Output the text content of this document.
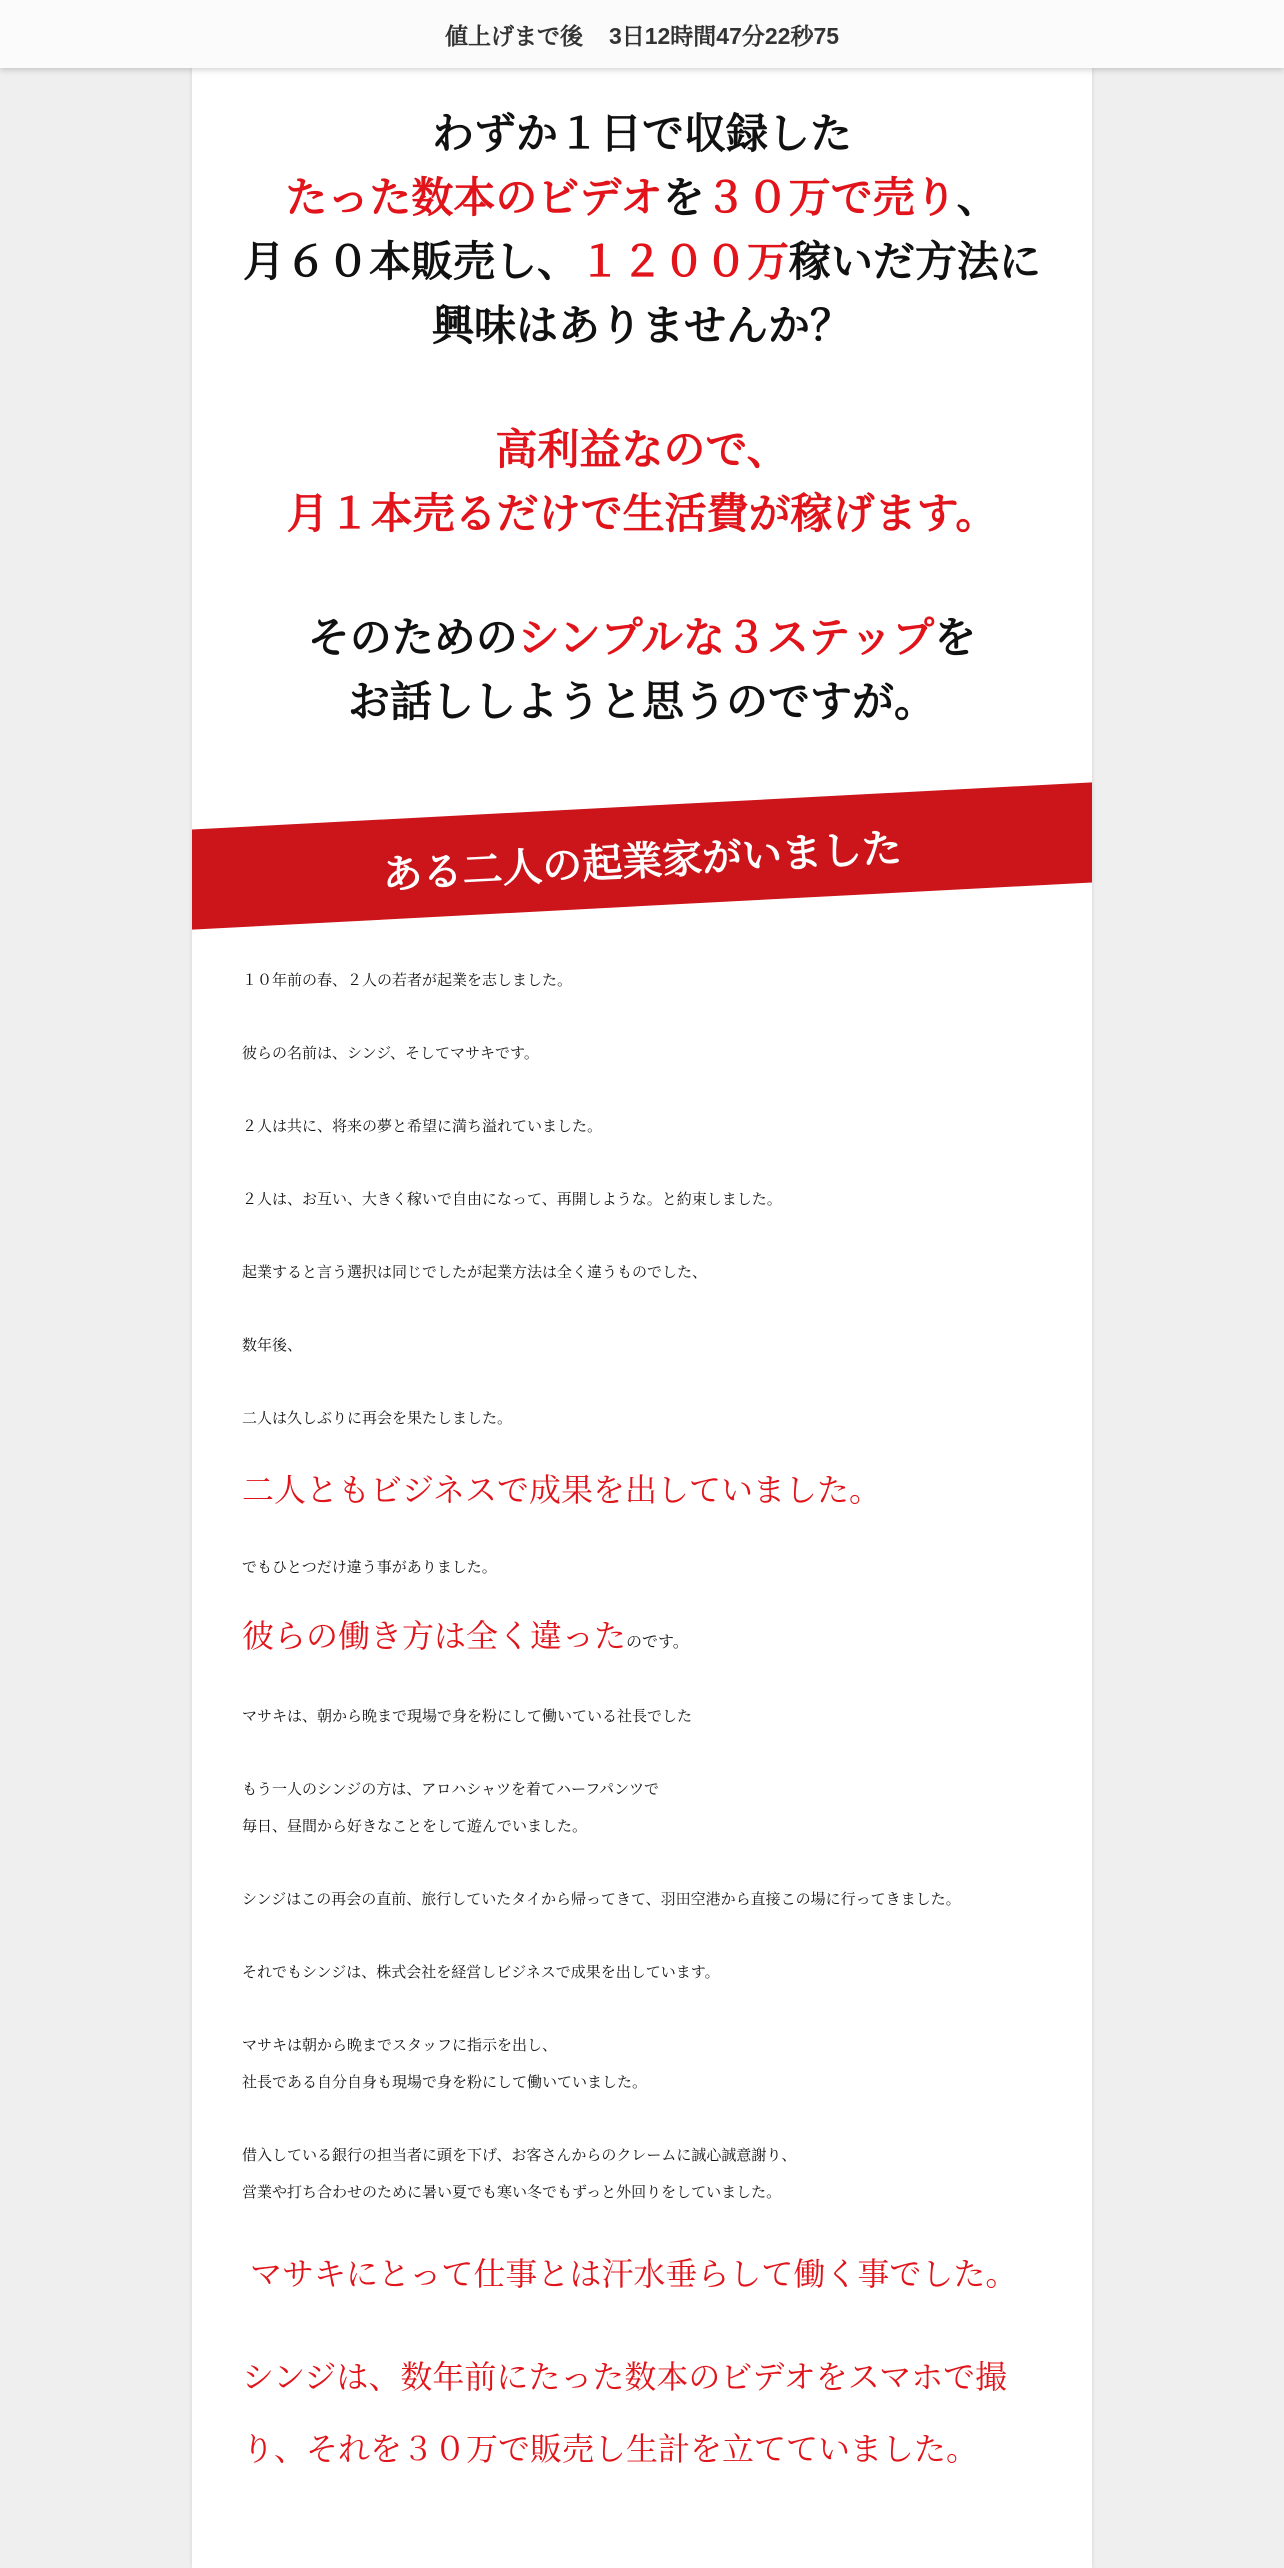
値上げまで後 3日12時間47分22秒75

わずか１日で収録した

たった数本のビデオを３０万で売り、

月６０本販売し、１２００万稼いだ方法に

興味はありませんか？

高利益なので、

月１本売るだけで生活費が稼げます。

そのためのシンプルな３ステップを

お話ししようと思うのですが。

ある二人の起業家がいました

１０年前の春、２人の若者が起業を志しました。

彼らの名前は、シンジ、そしてマサキです。

２人は共に、将来の夢と希望に満ち溢れていました。

２人は、お互い、大きく稼いで自由になって、再開しような。と約束しました。

起業すると言う選択は同じでしたが起業方法は全く違うものでした、

数年後、

二人は久しぶりに再会を果たしました。

二人ともビジネスで成果を出していました。

でもひとつだけ違う事がありました。

彼らの働き方は全く違ったのです。

マサキは、朝から晩まで現場で身を粉にして働いている社長でした

もう一人のシンジの方は、アロハシャツを着てハーフパンツで

毎日、昼間から好きなことをして遊んでいました。

シンジはこの再会の直前、旅行していたタイから帰ってきて、羽田空港から直接この場に行ってきました。

それでもシンジは、株式会社を経営しビジネスで成果を出しています。

マサキは朝から晩までスタッフに指示を出し、

社長である自分自身も現場で身を粉にして働いていました。

借入している銀行の担当者に頭を下げ、お客さんからのクレームに誠心誠意謝り、

営業や打ち合わせのために暑い夏でも寒い冬でもずっと外回りをしていました。

マサキにとって仕事とは汗水垂らして働く事でした。

シンジは、数年前にたった数本のビデオをスマホで撮

り、それを３０万で販売し生計を立てていました。
